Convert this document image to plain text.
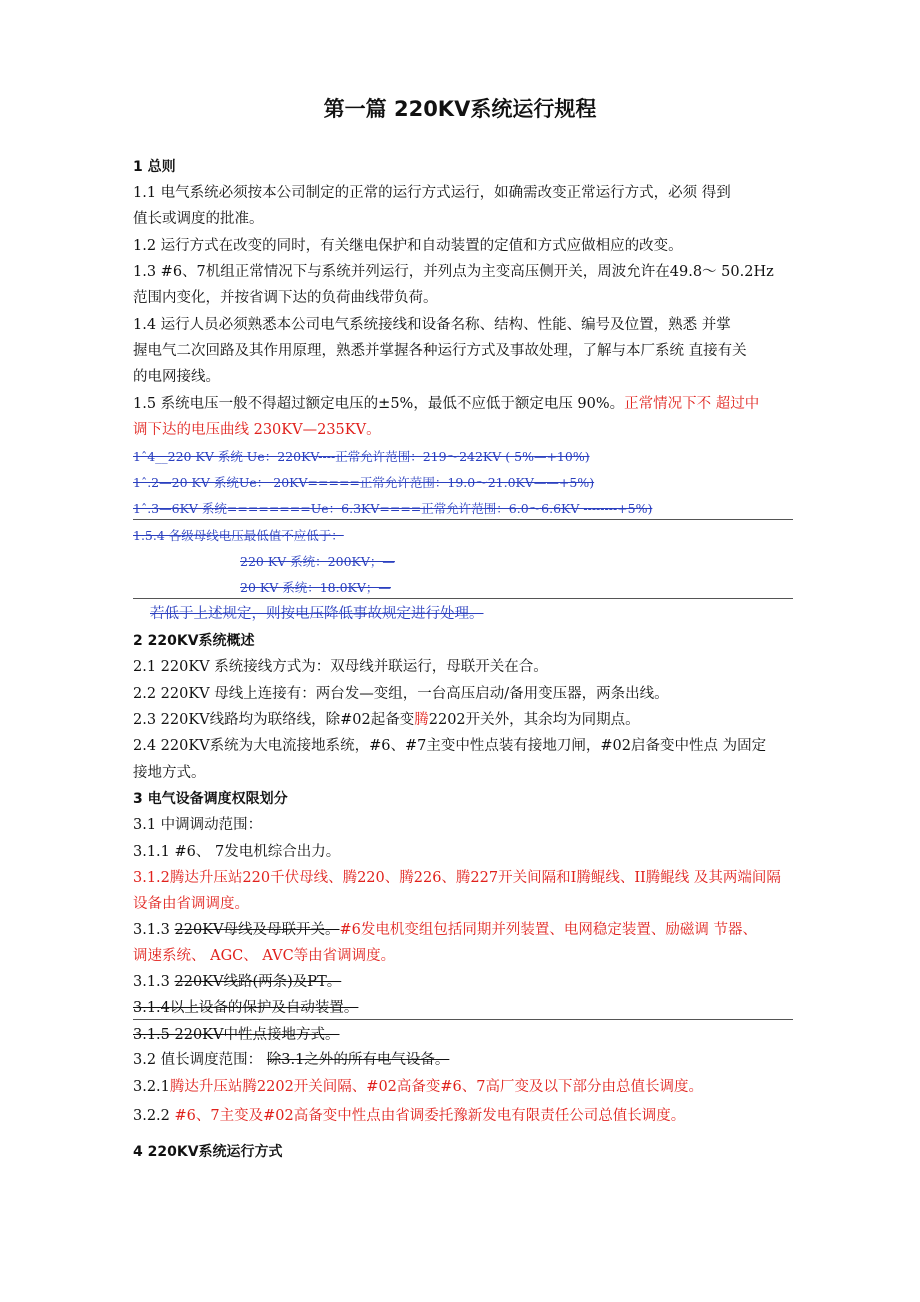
第一篇 220KV系统运行规程
1 总则
1.1 电气系统必须按本公司制定的正常的运行方式运行，如确需改变正常运行方式，必须 得到
值长或调度的批准。
1.2 运行方式在改变的同时，有关继电保护和自动装置的定值和方式应做相应的改变。
1.3 #6、7机组正常情况下与系统并列运行，并列点为主变高压侧开关，周波允许在49.8～ 50.2Hz
范围内变化，并按省调下达的负荷曲线带负荷。
1.4 运行人员必须熟悉本公司电气系统接线和设备名称、结构、性能、编号及位置，熟悉 并掌
握电气二次回路及其作用原理，熟悉并掌握各种运行方式及事故处理，了解与本厂系统 直接有关
的电网接线。
1.5 系统电压一般不得超过额定电压的±5%，最低不应低于额定电压 90%。正常情况下不 超过中
调下达的电压曲线 230KV—235KV。
1ˆ4__220 KV 系统 Ue：220KV----正常允许范围：219～242KV ( 5%—+10%)
1ˆ.2—20 KV 系统Ue： 20KV=====正常允许范围：19.0～21.0KV——+5%)
1ˆ.3—6KV 系统========Ue：6.3KV====正常允许范围：6.0～6.6KV --------+5%)
1.5.4 各级母线电压最低值不应低于：
220 KV 系统：200KV；—
20 KV 系统：18.0KV；—
若低于上述规定，则按电压降低事故规定进行处理。
2 220KV系统概述
2.1 220KV 系统接线方式为：双母线并联运行，母联开关在合。
2.2 220KV 母线上连接有：两台发—变组，一台高压启动/备用变压器，两条出线。
2.3 220KV线路均为联络线，除#02起备变腾2202开关外，其余均为同期点。
2.4 220KV系统为大电流接地系统，#6、#7主变中性点装有接地刀闸，#02启备变中性点 为固定
接地方式。
3 电气设备调度权限划分
3.1 中调调动范围：
3.1.1 #6、 7发电机综合出力。
3.1.2腾达升压站220千伏母线、腾220、腾226、腾227开关间隔和I腾鲲线、II腾鲲线 及其两端间隔
设备由省调调度。
3.1.3 220KV母线及母联开关。#6发电机变组包括同期并列装置、电网稳定装置、励磁调 节器、
调速系统、 AGC、 AVC等由省调调度。
3.1.3 220KV线路(两条)及PT。
3.1.4以上设备的保护及自动装置。
3.1.5 220KV中性点接地方式。
3.2 值长调度范围： 除3.1之外的所有电气设备。
3.2.1腾达升压站腾2202开关间隔、#02高备变#6、7高厂变及以下部分由总值长调度。
3.2.2 #6、7主变及#02高备变中性点由省调委托豫新发电有限责任公司总值长调度。
4 220KV系统运行方式
